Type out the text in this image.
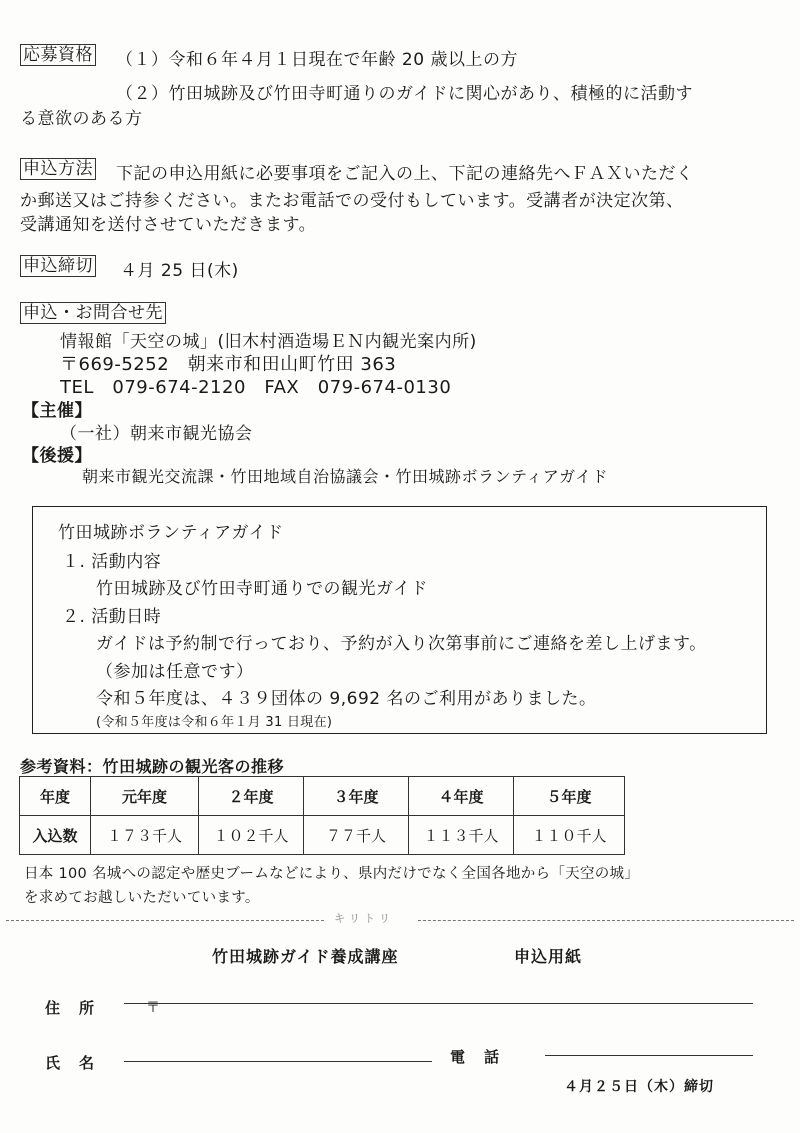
応募資格 （１）令和６年４月１日現在で年齢 20 歳以上の方
（２）竹田城跡及び竹田寺町通りのガイドに関心があり、積極的に活動す
る意欲のある方
申込方法 下記の申込用紙に必要事項をご記入の上、下記の連絡先へＦＡＸいただく
か郵送又はご持参ください。またお電話での受付もしています。受講者が決定次第、
受講通知を送付させていただきます。
申込締切 ４月 25 日(木)
申込・お問合せ先
情報館「天空の城」(旧木村酒造場ＥＮ内観光案内所)
〒669-5252　朝来市和田山町竹田 363
TEL　079-674-2120　FAX　079-674-0130
【主催】
（一社）朝来市観光協会
【後援】
朝来市観光交流課・竹田地域自治協議会・竹田城跡ボランティアガイド
竹田城跡ボランティアガイド
１. 活動内容
竹田城跡及び竹田寺町通りでの観光ガイド
２. 活動日時
ガイドは予約制で行っており、予約が入り次第事前にご連絡を差し上げます。
（参加は任意です）
令和５年度は、４３９団体の 9,692 名のご利用がありました。
(令和５年度は令和６年１月 31 日現在)
参考資料：竹田城跡の観光客の推移
年度	元年度	２年度	３年度	４年度	５年度
入込数	１７３千人	１０２千人	７７千人	１１３千人	１１０千人
日本 100 名城への認定や歴史ブームなどにより、県内だけでなく全国各地から「天空の城」
を求めてお越しいただいています。
キリトリ
竹田城跡ガイド養成講座	申込用紙
住　所	〒
氏　名	電　話
４月２５日（木）締切
